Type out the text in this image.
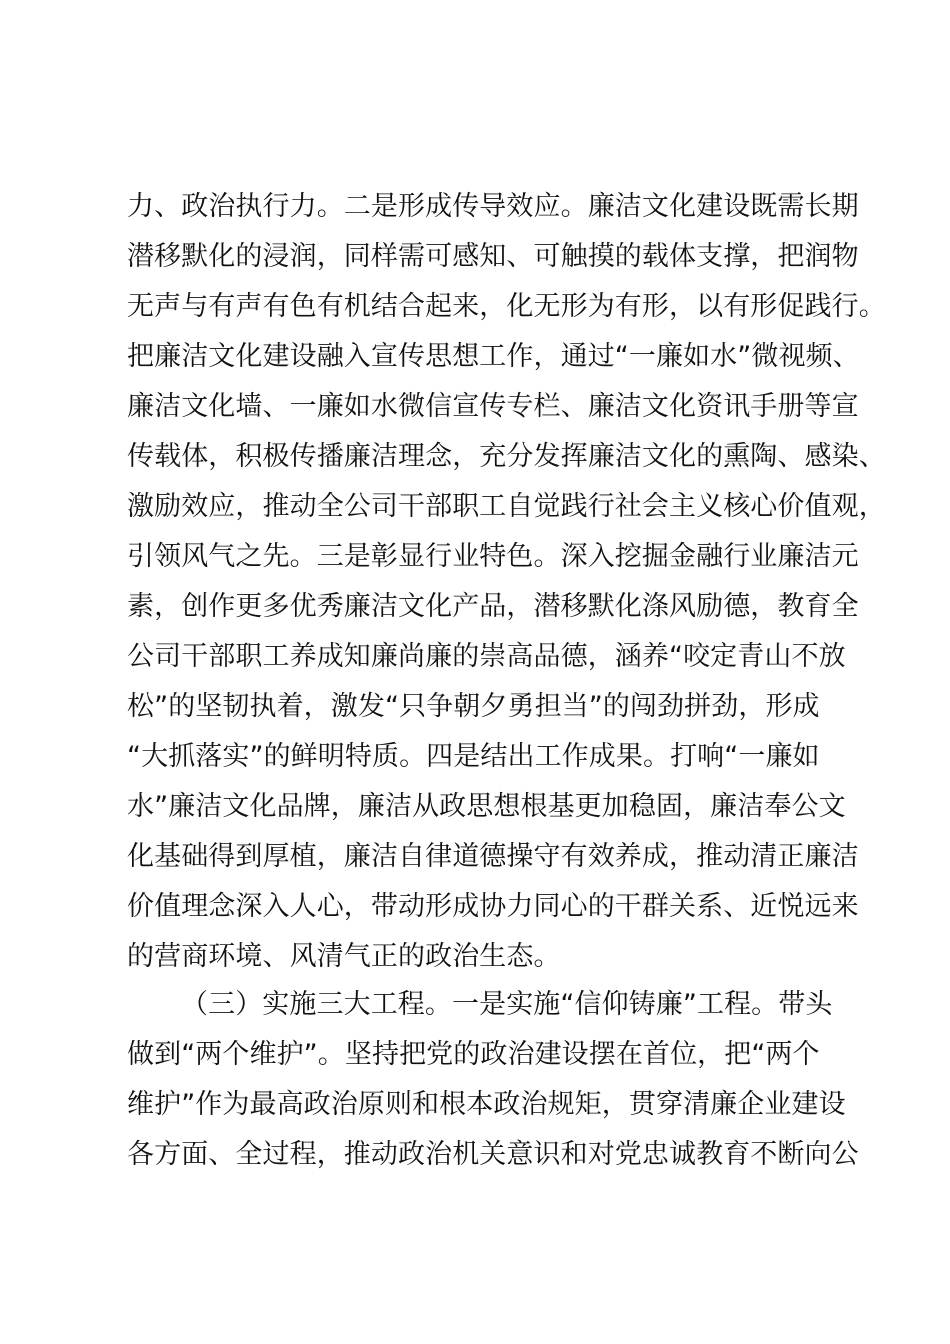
力、政治执行力。二是形成传导效应。廉洁文化建设既需长期
潜移默化的浸润，同样需可感知、可触摸的载体支撑，把润物
无声与有声有色有机结合起来，化无形为有形，以有形促践行。
把廉洁文化建设融入宣传思想工作，通过“一廉如水”微视频、
廉洁文化墙、一廉如水微信宣传专栏、廉洁文化资讯手册等宣
传载体，积极传播廉洁理念，充分发挥廉洁文化的熏陶、感染、
激励效应，推动全公司干部职工自觉践行社会主义核心价值观，
引领风气之先。三是彰显行业特色。深入挖掘金融行业廉洁元
素，创作更多优秀廉洁文化产品，潜移默化涤风励德，教育全
公司干部职工养成知廉尚廉的崇高品德，涵养“咬定青山不放
松”的坚韧执着，激发“只争朝夕勇担当”的闯劲拼劲，形成
“大抓落实”的鲜明特质。四是结出工作成果。打响“一廉如
水”廉洁文化品牌，廉洁从政思想根基更加稳固，廉洁奉公文
化基础得到厚植，廉洁自律道德操守有效养成，推动清正廉洁
价值理念深入人心，带动形成协力同心的干群关系、近悦远来
的营商环境、风清气正的政治生态。
（三）实施三大工程。一是实施“信仰铸廉”工程。带头
做到“两个维护”。坚持把党的政治建设摆在首位，把“两个
维护”作为最高政治原则和根本政治规矩，贯穿清廉企业建设
各方面、全过程，推动政治机关意识和对党忠诚教育不断向公
